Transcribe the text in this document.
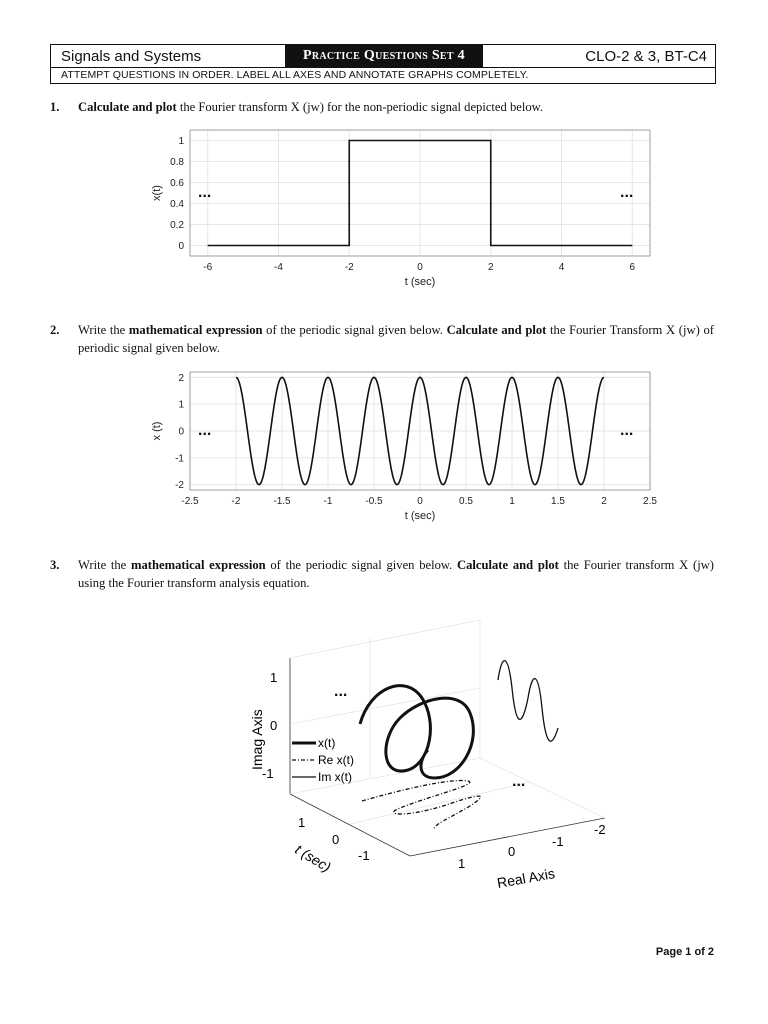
Signals and Systems	Practice Questions Set 4	CLO-2 & 3, BT-C4
ATTEMPT QUESTIONS IN ORDER. LABEL ALL AXES AND ANNOTATE GRAPHS COMPLETELY.
1. Calculate and plot the Fourier transform X (jw) for the non-periodic signal depicted below.
-6	-4	-2	0	2	4	6
0
0.2
0.4
0.6
0.8
1
t (sec)
x(t) ...	...
2. Write the mathematical expression of the periodic signal given below. Calculate and plot the Fourier Transform X (jw) of periodic signal given below.
-2.5	-2	-1.5	-1	-0.5	0	0.5	1	1.5	2	2.5
-2
-1
0
1
2
t (sec)
x (t) ...	...
3. Write the mathematical expression of the periodic signal given below. Calculate and plot the Fourier transform X (jw) using the Fourier transform analysis equation.
...
...
x(t)
Re x(t)
Im x(t)
1
0
-1
Imag Axis
1
0
-1
t (sec)	1
0
-1
-2
Real Axis
Page 1 of 2
